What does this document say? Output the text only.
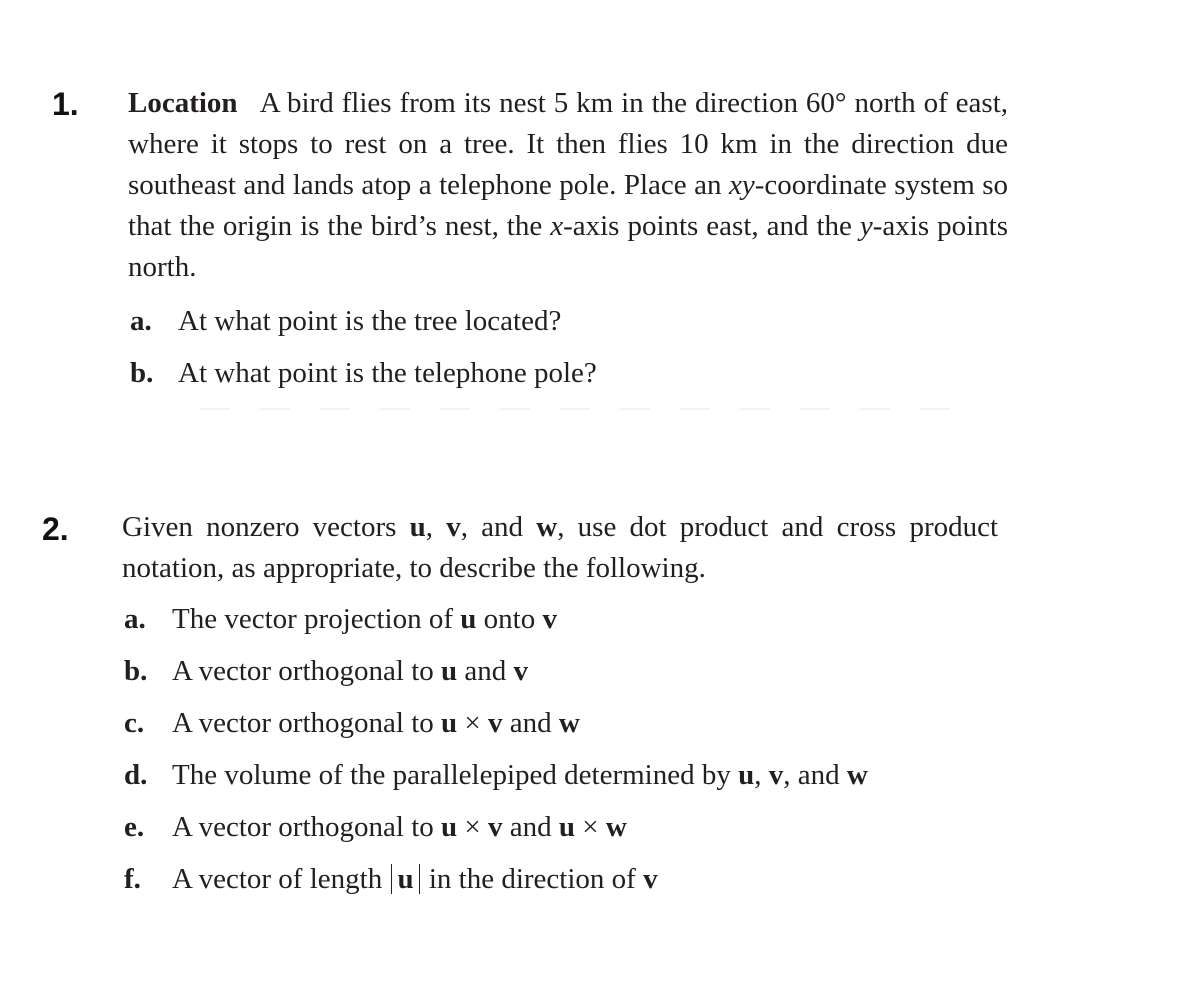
1. Location A bird flies from its nest 5 km in the direction 60° north of east, where it stops to rest on a tree. It then flies 10 km in the direction due southeast and lands atop a telephone pole. Place an xy-coordinate system so that the origin is the bird’s nest, the x-axis points east, and the y-axis points north.
a. At what point is the tree located?
b. At what point is the telephone pole?
2. Given nonzero vectors u, v, and w, use dot product and cross product notation, as appropriate, to describe the following.
a. The vector projection of u onto v
b. A vector orthogonal to u and v
c. A vector orthogonal to u × v and w
d. The volume of the parallelepiped determined by u, v, and w
e. A vector orthogonal to u × v and u × w
f. A vector of length u in the direction of v
